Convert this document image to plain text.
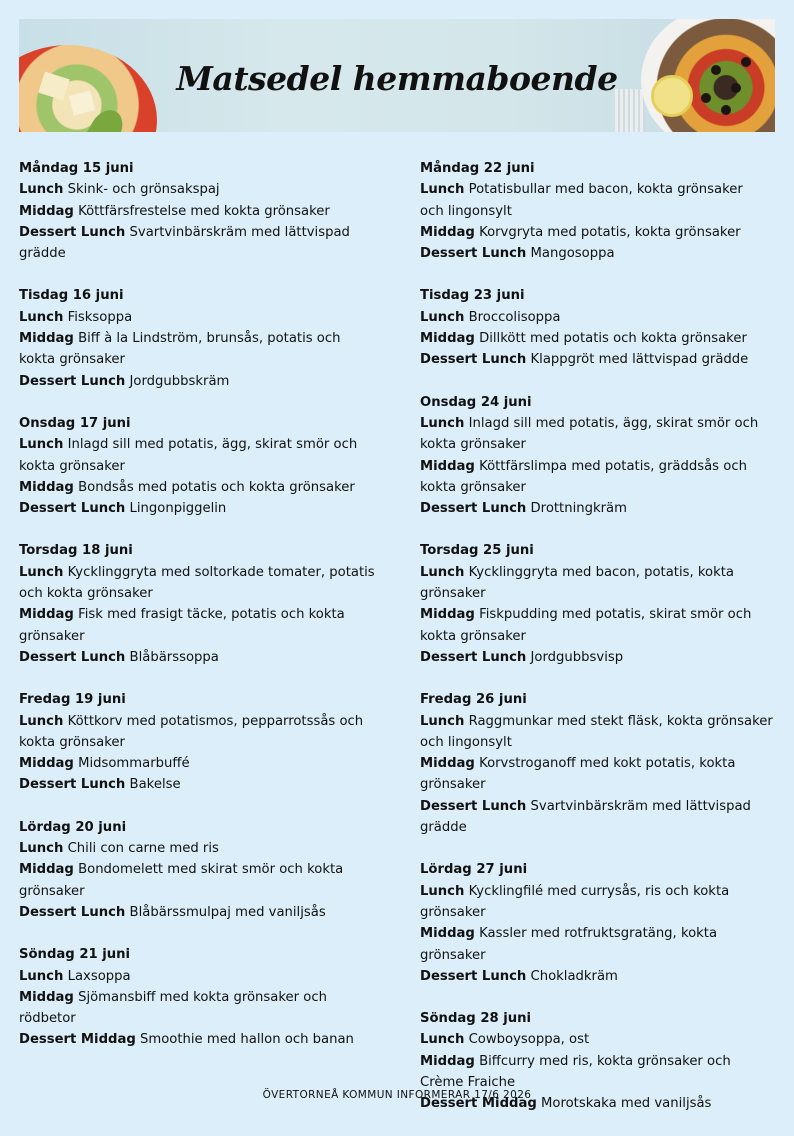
Matsedel hemmaboende
Måndag 15 juni
Lunch Skink- och grönsakspaj
Middag Köttfärsfrestelse med kokta grönsaker
Dessert Lunch Svartvinbärskräm med lättvispad grädde
Tisdag 16 juni
Lunch Fisksoppa
Middag Biff à la Lindström, brunsås, potatis och
kokta grönsaker
Dessert Lunch Jordgubbskräm
Onsdag 17 juni
Lunch Inlagd sill med potatis, ägg, skirat smör och
kokta grönsaker
Middag Bondsås med potatis och kokta grönsaker
Dessert Lunch Lingonpiggelin
Torsdag 18 juni
Lunch Kycklinggryta med soltorkade tomater, potatis
och kokta grönsaker
Middag Fisk med frasigt täcke, potatis och kokta
grönsaker
Dessert Lunch Blåbärssoppa
Fredag 19 juni
Lunch Köttkorv med potatismos, pepparrotssås och
kokta grönsaker
Middag Midsommarbuffé
Dessert Lunch Bakelse
Lördag 20 juni
Lunch Chili con carne med ris
Middag Bondomelett med skirat smör och kokta
grönsaker
Dessert Lunch Blåbärssmulpaj med vaniljsås
Söndag 21 juni
Lunch Laxsoppa
Middag Sjömansbiff med kokta grönsaker och rödbetor
Dessert Middag Smoothie med hallon och banan
Måndag 22 juni
Lunch Potatisbullar med bacon, kokta grönsaker
och lingonsylt
Middag Korvgryta med potatis, kokta grönsaker
Dessert Lunch Mangosoppa
Tisdag 23 juni
Lunch Broccolisoppa
Middag Dillkött med potatis och kokta grönsaker
Dessert Lunch Klappgröt med lättvispad grädde
Onsdag 24 juni
Lunch Inlagd sill med potatis, ägg, skirat smör och
kokta grönsaker
Middag Köttfärslimpa med potatis, gräddsås och
kokta grönsaker
Dessert Lunch Drottningkräm
Torsdag 25 juni
Lunch Kycklinggryta med bacon, potatis, kokta grönsaker
Middag Fiskpudding med potatis, skirat smör och
kokta grönsaker
Dessert Lunch Jordgubbsvisp
Fredag 26 juni
Lunch Raggmunkar med stekt fläsk, kokta grönsaker
och lingonsylt
Middag Korvstroganoff med kokt potatis, kokta grönsaker
Dessert Lunch Svartvinbärskräm med lättvispad grädde
Lördag 27 juni
Lunch Kycklingfilé med currysås, ris och kokta grönsaker
Middag Kassler med rotfruktsgratäng, kokta grönsaker
Dessert Lunch Chokladkräm
Söndag 28 juni
Lunch Cowboysoppa, ost
Middag Biffcurry med ris, kokta grönsaker och
Crème Fraiche
Dessert Middag Morotskaka med vaniljsås
ÖVERTORNEÅ KOMMUN INFORMERAR 17/6 2026
